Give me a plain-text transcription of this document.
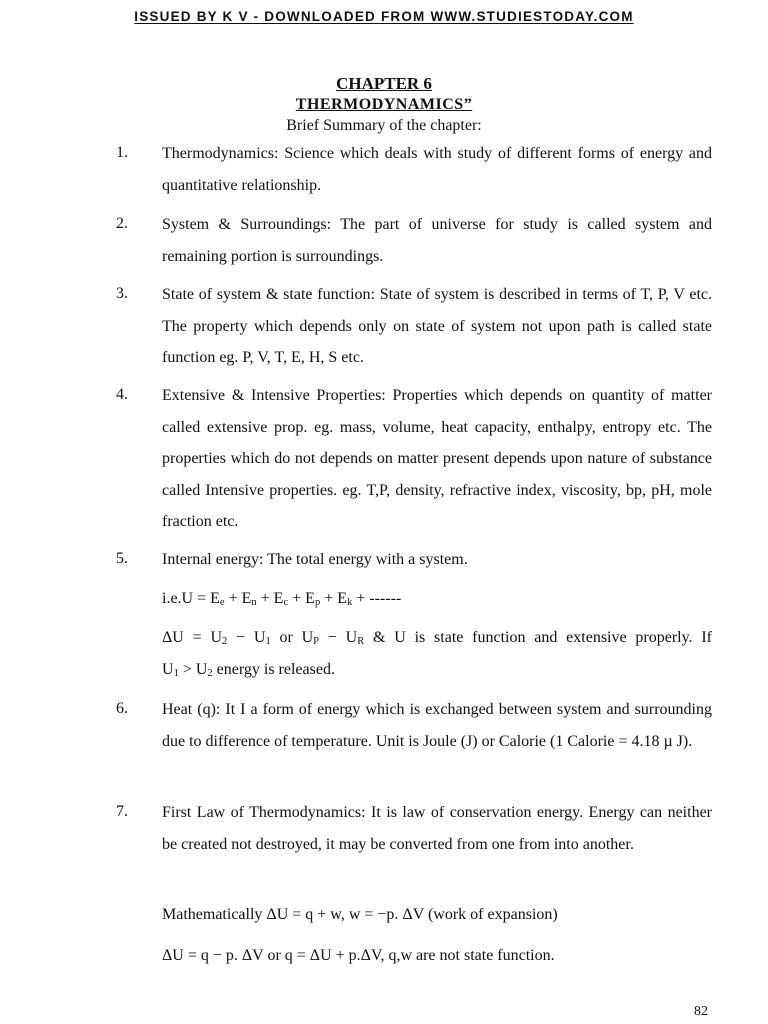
ISSUED BY K V - DOWNLOADED FROM WWW.STUDIESTODAY.COM
CHAPTER 6
THERMODYNAMICS”
Brief Summary of the chapter:
1. Thermodynamics: Science which deals with study of different forms of energy and quantitative relationship.
2. System & Surroundings: The part of universe for study is called system and remaining portion is surroundings.
3. State of system & state function: State of system is described in terms of T, P, V etc. The property which depends only on state of system not upon path is called state function eg. P, V, T, E, H, S etc.
4. Extensive & Intensive Properties: Properties which depends on quantity of matter called extensive prop. eg. mass, volume, heat capacity, enthalpy, entropy etc. The properties which do not depends on matter present depends upon nature of substance called Intensive properties. eg. T,P, density, refractive index, viscosity, bp, pH, mole fraction etc.
5. Internal energy: The total energy with a system.
$i.e.U = E_e + E_n + E_c + E_p + E_k$ + ------
$\Delta U = U_2 - U_1$ or $U_P - U_R$ & U is state function and extensive properly. If
$U_1 > U_2$ energy is released.
6. Heat (q): It I a form of energy which is exchanged between system and surrounding due to difference of temperature. Unit is Joule (J) or Calorie (1 Calorie = 4.18 µ J).
7. First Law of Thermodynamics: It is law of conservation energy. Energy can neither be created not destroyed, it may be converted from one from into another.
Mathematically ΔU = q + w, w = −p. ΔV (work of expansion)
ΔU = q − p. ΔV or q = ΔU + p.ΔV, q,w are not state function.
82
